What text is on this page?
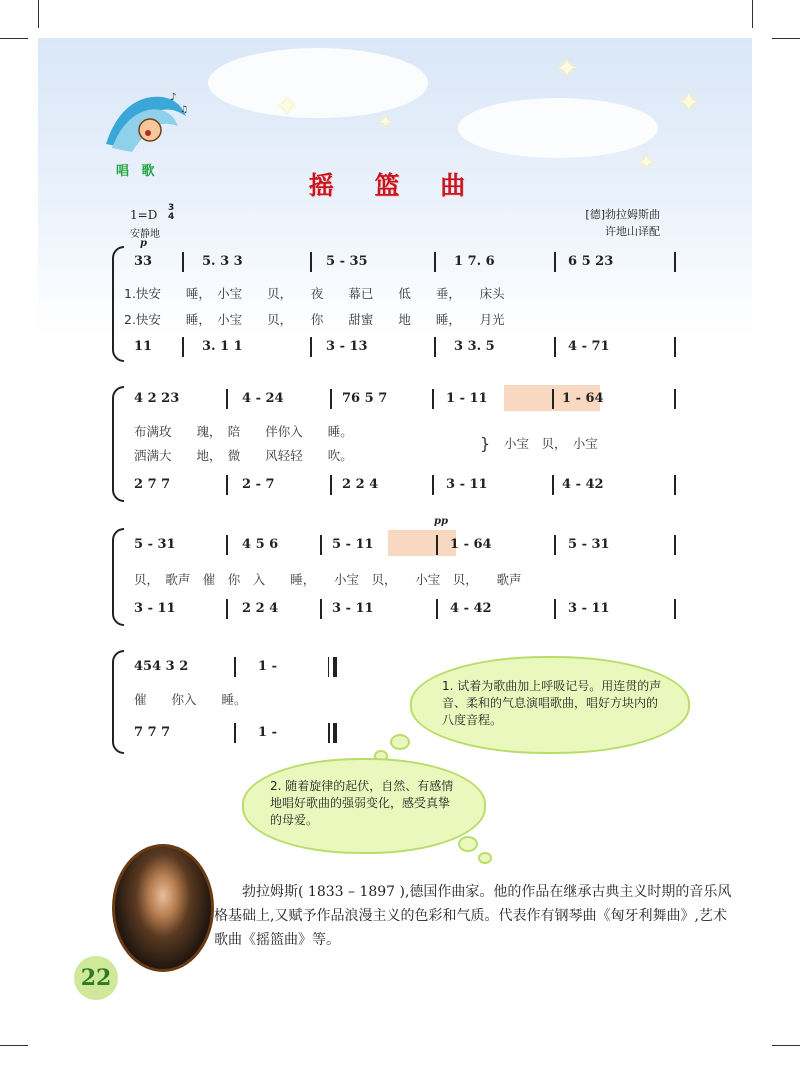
✦
✦
✦
✦
✦
♪
♫
唱 歌	摇 篮 曲
1=D 3
4
安静地
[德]勃拉姆斯曲
许地山译配
p
33	5. 3 3	5 - 35	1 7. 6	6 5 23
1.快安　　唾，　小宝　　贝，　　夜　　幕已　　低　　垂，　　床头
2.快安　　睡，　小宝　　贝，　　你　　甜蜜　　地　　睡，　　月光
11	3. 1 1	3 - 13	3 3. 5	4 - 71
4 2 23	4 - 24	76 5 7	1 - 11	1 - 64
布满玫　　瑰，　陪　　伴你入　　睡。
洒满大　　地，　微　　风轻轻　　吹。
} 小宝　贝，　小宝
2 7 7	2 - 7	2 2 4	3 - 11	4 - 42
pp
5 - 31	4 5 6	5 - 11	1 - 64	5 - 31
贝，　歌声　催　你　入　　睡，　　小宝　贝，　　小宝　贝，　　歌声
3 - 11	2 2 4	3 - 11	4 - 42	3 - 11
454 3 2	1 -
催　　你入　　睡。
7 7 7	1 -
1. 试着为歌曲加上呼吸记号。用连贯的声音、柔和的气息演唱歌曲，唱好方块内的八度音程。
2. 随着旋律的起伏，自然、有感情地唱好歌曲的强弱变化，感受真挚的母爱。

勃拉姆斯( 1833 – 1897 ),德国作曲家。他的作品在继承古典主义时期的音乐风格基础上,又赋予作品浪漫主义的色彩和气质。代表作有钢琴曲《匈牙利舞曲》,艺术歌曲《摇篮曲》等。

22
